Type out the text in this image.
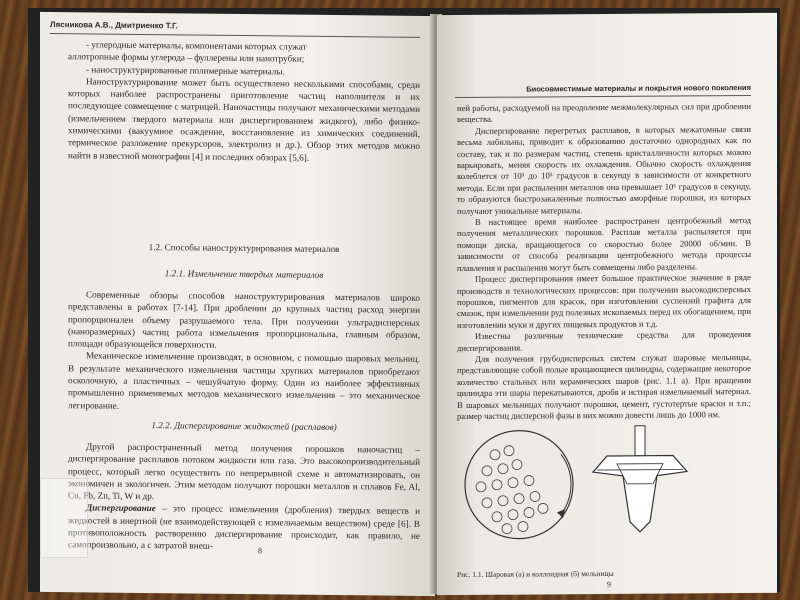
Лясникова А.В., Дмитриенко Т.Г.

- углеродные материалы, компонентами которых служат

аллотропные формы углерода – фуллерены или нанотрубки;

- наноструктурированные полимерные материалы.

Наноструктурирование может быть осуществлено несколькими способами, среди которых наиболее распространены приготовление частиц наполнителя и их последующее совмещение с матрицей. Наночастицы получают механическими методами (измельчением твердого материала или диспергированием жидкого), либо физико-химическими (вакуумное осаждение, восстановление из химических соединений, термическое разложение прекурсоров, электролиз и др.). Обзор этих методов можно найти в известной монографии [4] и последних обзорах [5,6].

1.2. Способы наноструктурирования материалов
1.2.1. Измельчение твердых материалов

Современные обзоры способов наноструктурирования материалов широко представлены в работах [7-14]. При дроблении до крупных частиц расход энергии пропорционален объему разрушаемого тела. При получении ультрадисперсных (наноразмерных) частиц работа измельчения пропорциональна, главным образом, площади образующейся поверхности.

Механическое измельчение производят, в основном, с помощью шаровых мельниц. В результате механического измельчения частицы хрупких материалов приобретают осколочную, а пластичных – чешуйчатую форму. Один из наиболее эффективных промышленно применяемых методов механического измельчения – это механическое легирование.

1.2.2. Диспергирование жидкостей (расплавов)

Другой распространенный метод получения порошков наночастиц – диспергирование расплавов потоком жидкости или газа. Это высокопроизводительный процесс, который легко осуществить по непрерывной схеме и автоматизировать, он экономичен и экологичен. Этим методом получают порошки металлов и сплавов Fe, Al, Cu, Pb, Zn, Ti, W и др.

Диспергирование – это процесс измельчения (дробления) твердых веществ и жидкостей в инертной (не взаимодействующей с измельчаемым веществом) среде [6]. В противоположность растворению диспергирование происходит, как правило, не самопроизвольно, а с затратой внеш-	8
Биосовместимые материалы и покрытия нового поколения

ней работы, расходуемой на преодоление межмолекулярных сил при дроблении вещества.

Диспергирование перегретых расплавов, в которых межатомные связи весьма лабильны, приводит к образованию достаточно однородных как по составу, так и по размерам частиц, степень кристалличности которых можно варьировать, меняя скорость их охлаждения. Обычно скорость охлаждения колеблется от 10³ до 10⁵ градусов в секунду в зависимости от конкретного метода. Если при распылении металлов она превышает 10⁶ градусов в секунду, то образуются быстрозакаленные полностью аморфные порошки, из которых получают уникальные материалы.

В настоящее время наиболее распространен центробежный метод получения металлических порошков. Расплав металла распыляется при помощи диска, вращающегося со скоростью более 20000 об/мин. В зависимости от способа реализации центробежного метода процессы плавления и распыления могут быть совмещены либо разделены.

Процесс диспергирования имеет большое практическое значение в ряде производств и технологических процессов: при получении высокодисперсных порошков, пигментов для красок, при изготовлении суспензий графита для смазок, при измельчении руд полезных ископаемых перед их обогащением, при изготовлении муки и других пищевых продуктов и т.д.

Известны различные технические средства для проведения диспергирования.

Для получения грубодисперсных систем служат шаровые мельницы, представляющие собой полые вращающиеся цилиндры, содержащие некоторое количество стальных или керамических шаров (рис. 1.1 а). При вращении цилиндра эти шары перекатываются, дробя и истирая измельчаемый материал. В шаровых мельницах получают порошки, цемент, густотертые краски и т.п.; размер частиц дисперсной фазы в них можно довести лишь до 1000 нм.

Рис. 1.1. Шаровая (а) и коллоидная (б) мельницы
9
